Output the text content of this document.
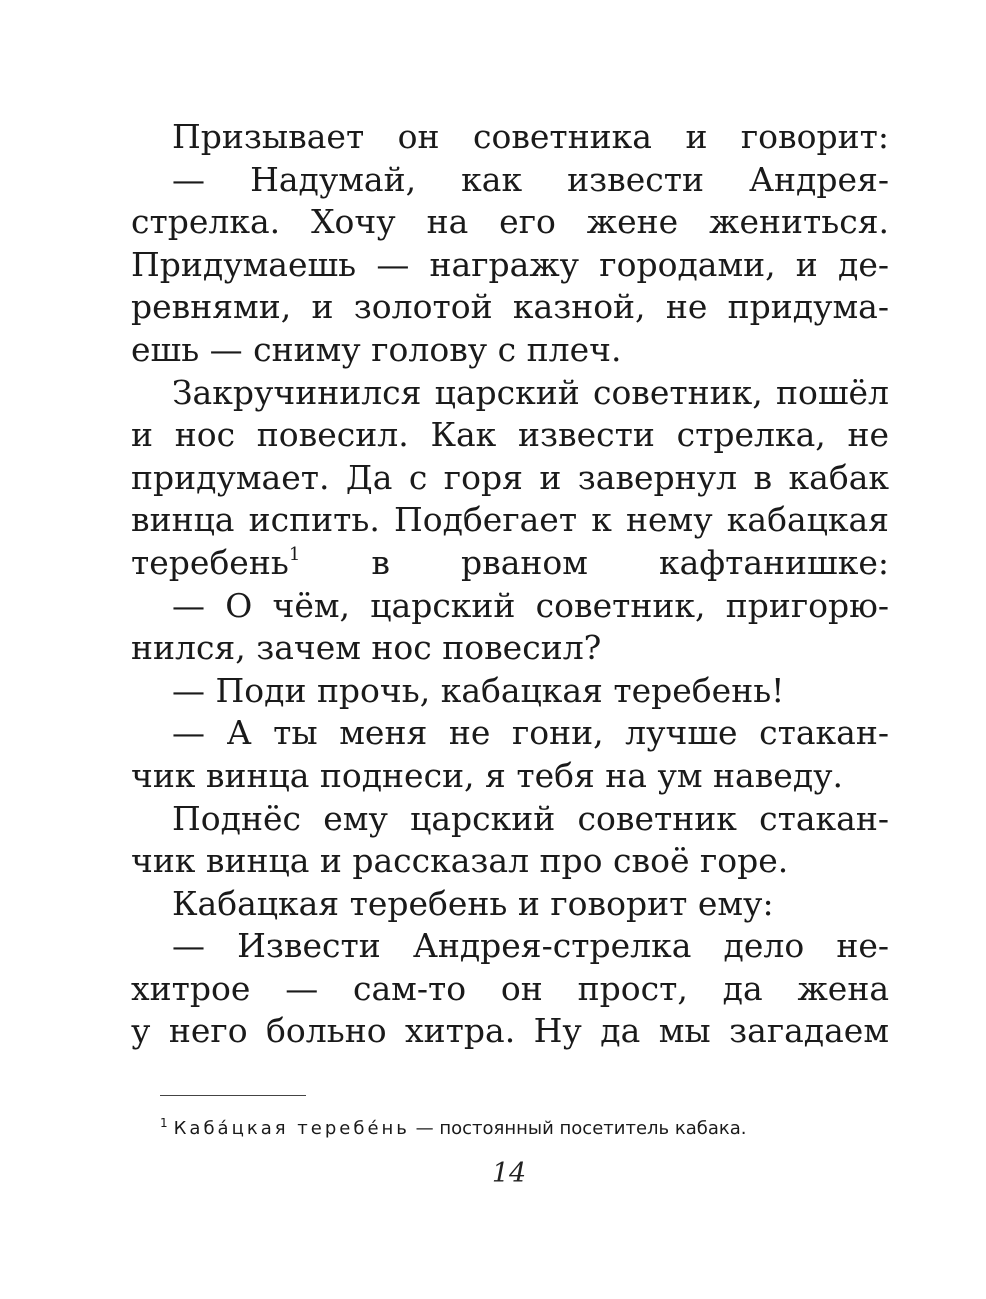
Призывает он советника и говорит:
— Надумай, как извести Андрея-
стрелка. Хочу на его жене жениться.
Придумаешь — награжу городами, и де-
ревнями, и золотой казной, не придума-
ешь — сниму голову с плеч.
Закручинился царский советник, пошёл
и нос повесил. Как извести стрелка, не
придумает. Да с горя и завернул в кабак
винца испить. Подбегает к нему кабацкая
теребень$^1$ в рваном кафтанишке:
— О чём, царский советник, пригорю-
нился, зачем нос повесил?
— Поди прочь, кабацкая теребень!
— А ты меня не гони, лучше стакан-
чик винца поднеси, я тебя на ум наведу.
Поднёс ему царский советник стакан-
чик винца и рассказал про своё горе.
Кабацкая теребень и говорит ему:
— Извести Андрея-стрелка дело не-
хитрое — сам-то он прост, да жена
у него больно хитра. Ну да мы загадаем
$^1$ Каба́цкая теребе́нь — постоянный посетитель кабака.
14
